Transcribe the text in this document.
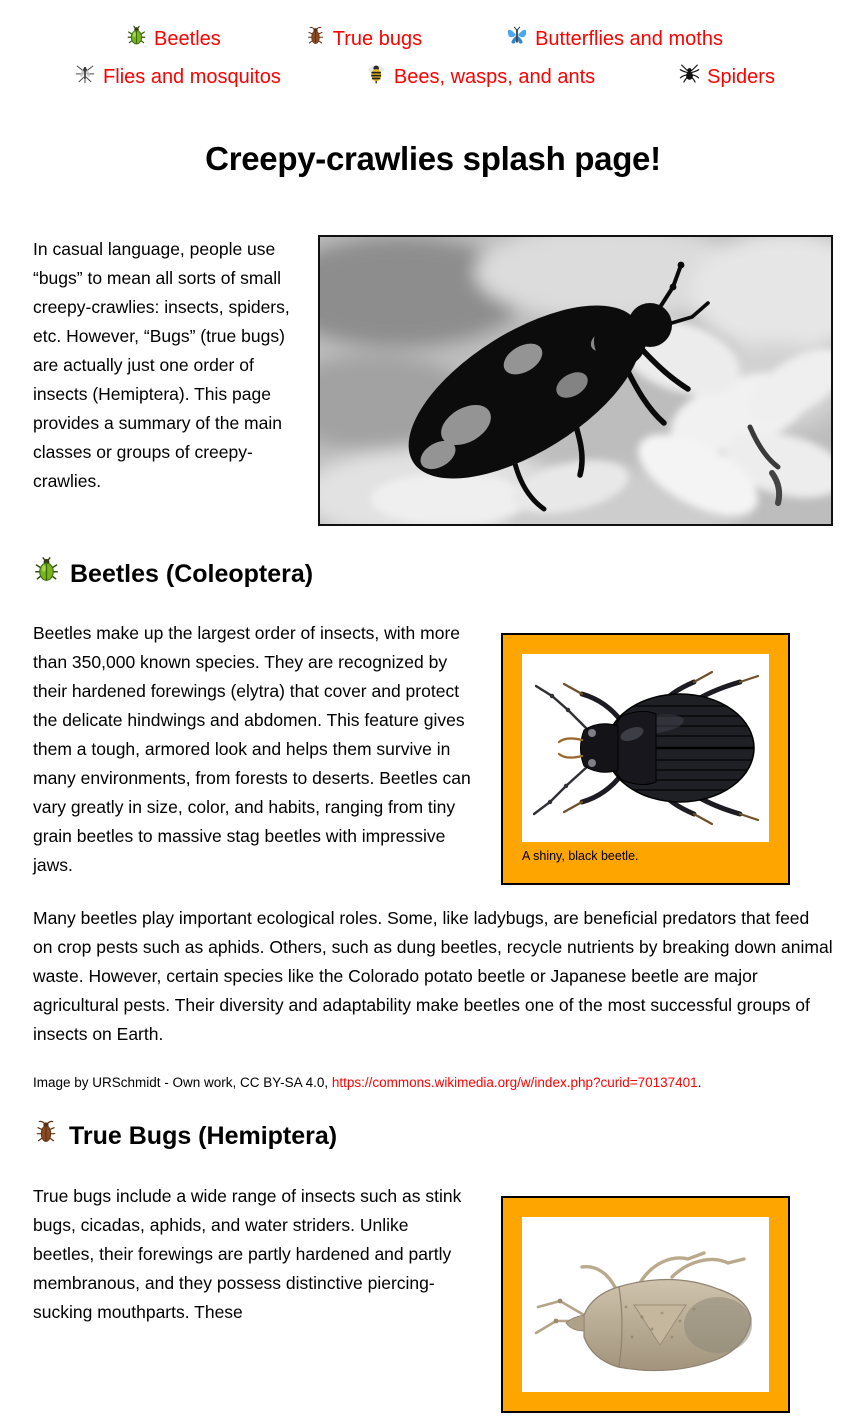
Beetles	True bugs	Butterflies and moths
Flies and mosquitos	Bees, wasps, and ants	Spiders
Creepy-crawlies splash page!

In casual language, people use “bugs” to mean all sorts of small creepy-crawlies: insects, spiders, etc. However, “Bugs” (true bugs) are actually just one order of insects (Hemiptera). This page provides a summary of the main classes or groups of creepy-crawlies.

Beetles (Coleoptera)
A shiny, black beetle.

Beetles make up the largest order of insects, with more than 350,000 known species. They are recognized by their hardened forewings (elytra) that cover and protect the delicate hindwings and abdomen. This feature gives them a tough, armored look and helps them survive in many environments, from forests to deserts. Beetles can vary greatly in size, color, and habits, ranging from tiny grain beetles to massive stag beetles with impressive jaws.

Many beetles play important ecological roles. Some, like ladybugs, are beneficial predators that feed on crop pests such as aphids. Others, such as dung beetles, recycle nutrients by breaking down animal waste. However, certain species like the Colorado potato beetle or Japanese beetle are major agricultural pests. Their diversity and adaptability make beetles one of the most successful groups of insects on Earth.

Image by URSchmidt - Own work, CC BY-SA 4.0, https://commons.wikimedia.org/w/index.php?curid=70137401.

True Bugs (Hemiptera)

True bugs include a wide range of insects such as stink bugs, cicadas, aphids, and water striders. Unlike beetles, their forewings are partly hardened and partly membranous, and they possess distinctive piercing-sucking mouthparts. These
